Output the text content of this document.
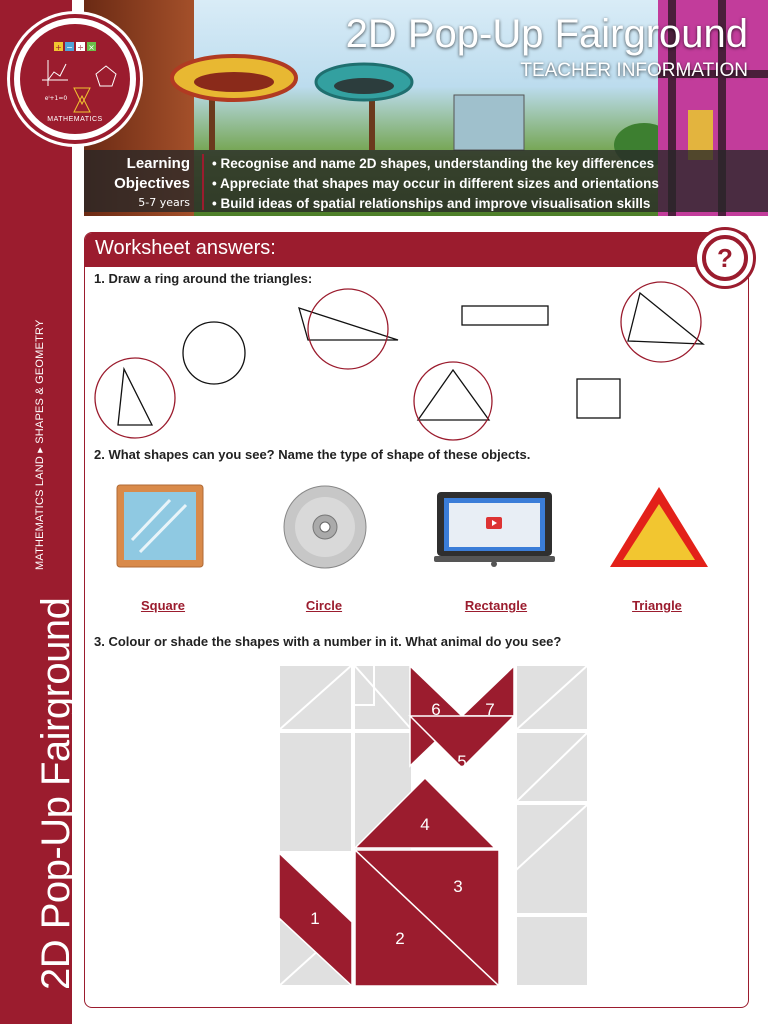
MATHEMATICS LAND ▸ SHAPES & GEOMETRY
2D Pop-Up Fairground
2D Pop-Up Fairground
TEACHER INFORMATION
Learning
Objectives
5-7 years
• Recognise and name 2D shapes, understanding the key differences
• Appreciate that shapes may occur in different sizes and orientations
• Build ideas of spatial relationships and improve visualisation skills
+ − ÷ ×
eⁱ+1=0
MATHEMATICS
Worksheet answers:	?
1. Draw a ring around the triangles:
2. What shapes can you see? Name the type of shape of these objects.
Square	Circle	Rectangle	Triangle
3. Colour or shade the shapes with a number in it. What animal do you see?
6	7
5
4
3
2
1
